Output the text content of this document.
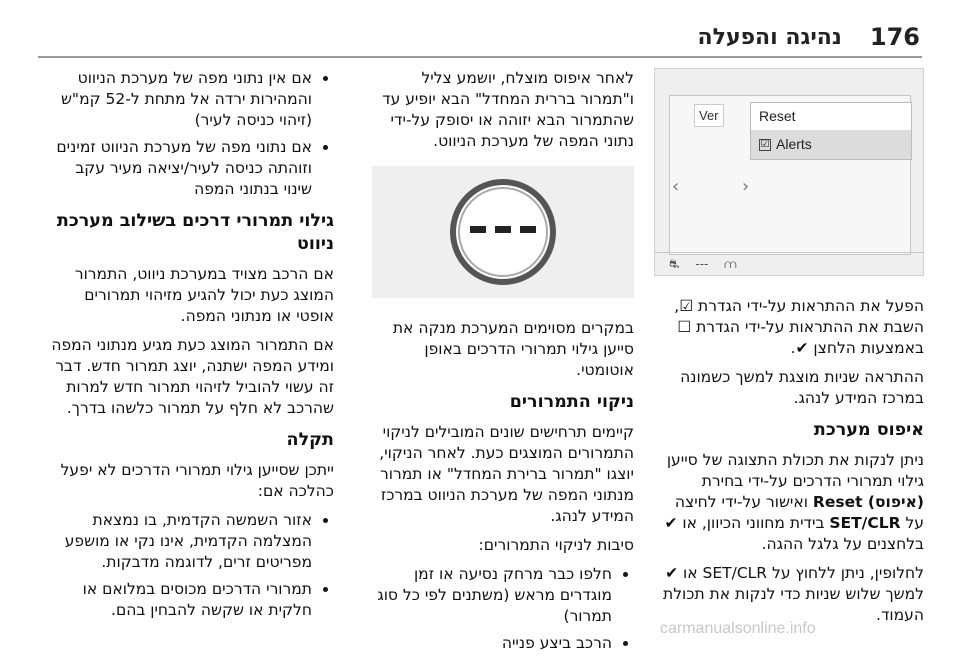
176
נהיגה והפעלה
Ver	Reset
☑ Alerts
‹	›
⛐ --- ⩋

הפעל את ההתראות על-ידי הגדרת ☑,

השבת את ההתראות על-ידי הגדרת ☐

באמצעות הלחצן ✔.

ההתראה שניות מוצגת למשך כשמונה במרכז המידע לנהג.

איפוס מערכת

ניתן לנקות את תכולת התצוגה של סייען גילוי תמרורי הדרכים על-ידי בחירת Reset (איפוס) ואישור על-ידי לחיצה על SET/CLR בידית מחווני הכיוון, או ✔ בלחצנים על גלגל ההגה.

לחלופין, ניתן ללחוץ על SET/CLR או ✔ למשך שלוש שניות כדי לנקות את תכולת העמוד.

לאחר איפוס מוצלח, יושמע צליל ו"תמרור בררית המחדל" הבא יופיע עד שהתמרור הבא יזוהה או יסופק על-ידי נתוני המפה של מערכת הניווט.

במקרים מסוימים המערכת מנקה את סייען גילוי תמרורי הדרכים באופן אוטומטי.

ניקוי התמרורים

קיימים תרחישים שונים המובילים לניקוי התמרורים המוצגים כעת. לאחר הניקוי, יוצגו "תמרור ברירת המחדל" או תמרור מנתוני המפה של מערכת הניווט במרכז המידע לנהג.

סיבות לניקוי התמרורים:

• חלפו כבר מרחק נסיעה או זמן מוגדרים מראש (משתנים לפי כל סוג תמרור)
• הרכב ביצע פנייה
• אם אין נתוני מפה של מערכת הניווט והמהירות ירדה אל מתחת ל-52 קמ"ש (זיהוי כניסה לעיר)
• אם נתוני מפה של מערכת הניווט זמינים וזוהתה כניסה לעיר/יציאה מעיר עקב שינוי בנתוני המפה
גילוי תמרורי דרכים בשילוב מערכת ניווט

אם הרכב מצויד במערכת ניווט, התמרור המוצג כעת יכול להגיע מזיהוי תמרורים אופטי או מנתוני המפה.

אם התמרור המוצג כעת מגיע מנתוני המפה ומידע המפה ישתנה, יוצג תמרור חדש. דבר זה עשוי להוביל לזיהוי תמרור חדש למרות שהרכב לא חלף על תמרור כלשהו בדרך.

תקלה

ייתכן שסייען גילוי תמרורי הדרכים לא יפעל כהלכה אם:

• אזור השמשה הקדמית, בו נמצאת המצלמה הקדמית, אינו נקי או מושפע מפריטים זרים, לדוגמה מדבקות.
• תמרורי הדרכים מכוסים במלואם או חלקית או שקשה להבחין בהם.
carmanualsonline.info
